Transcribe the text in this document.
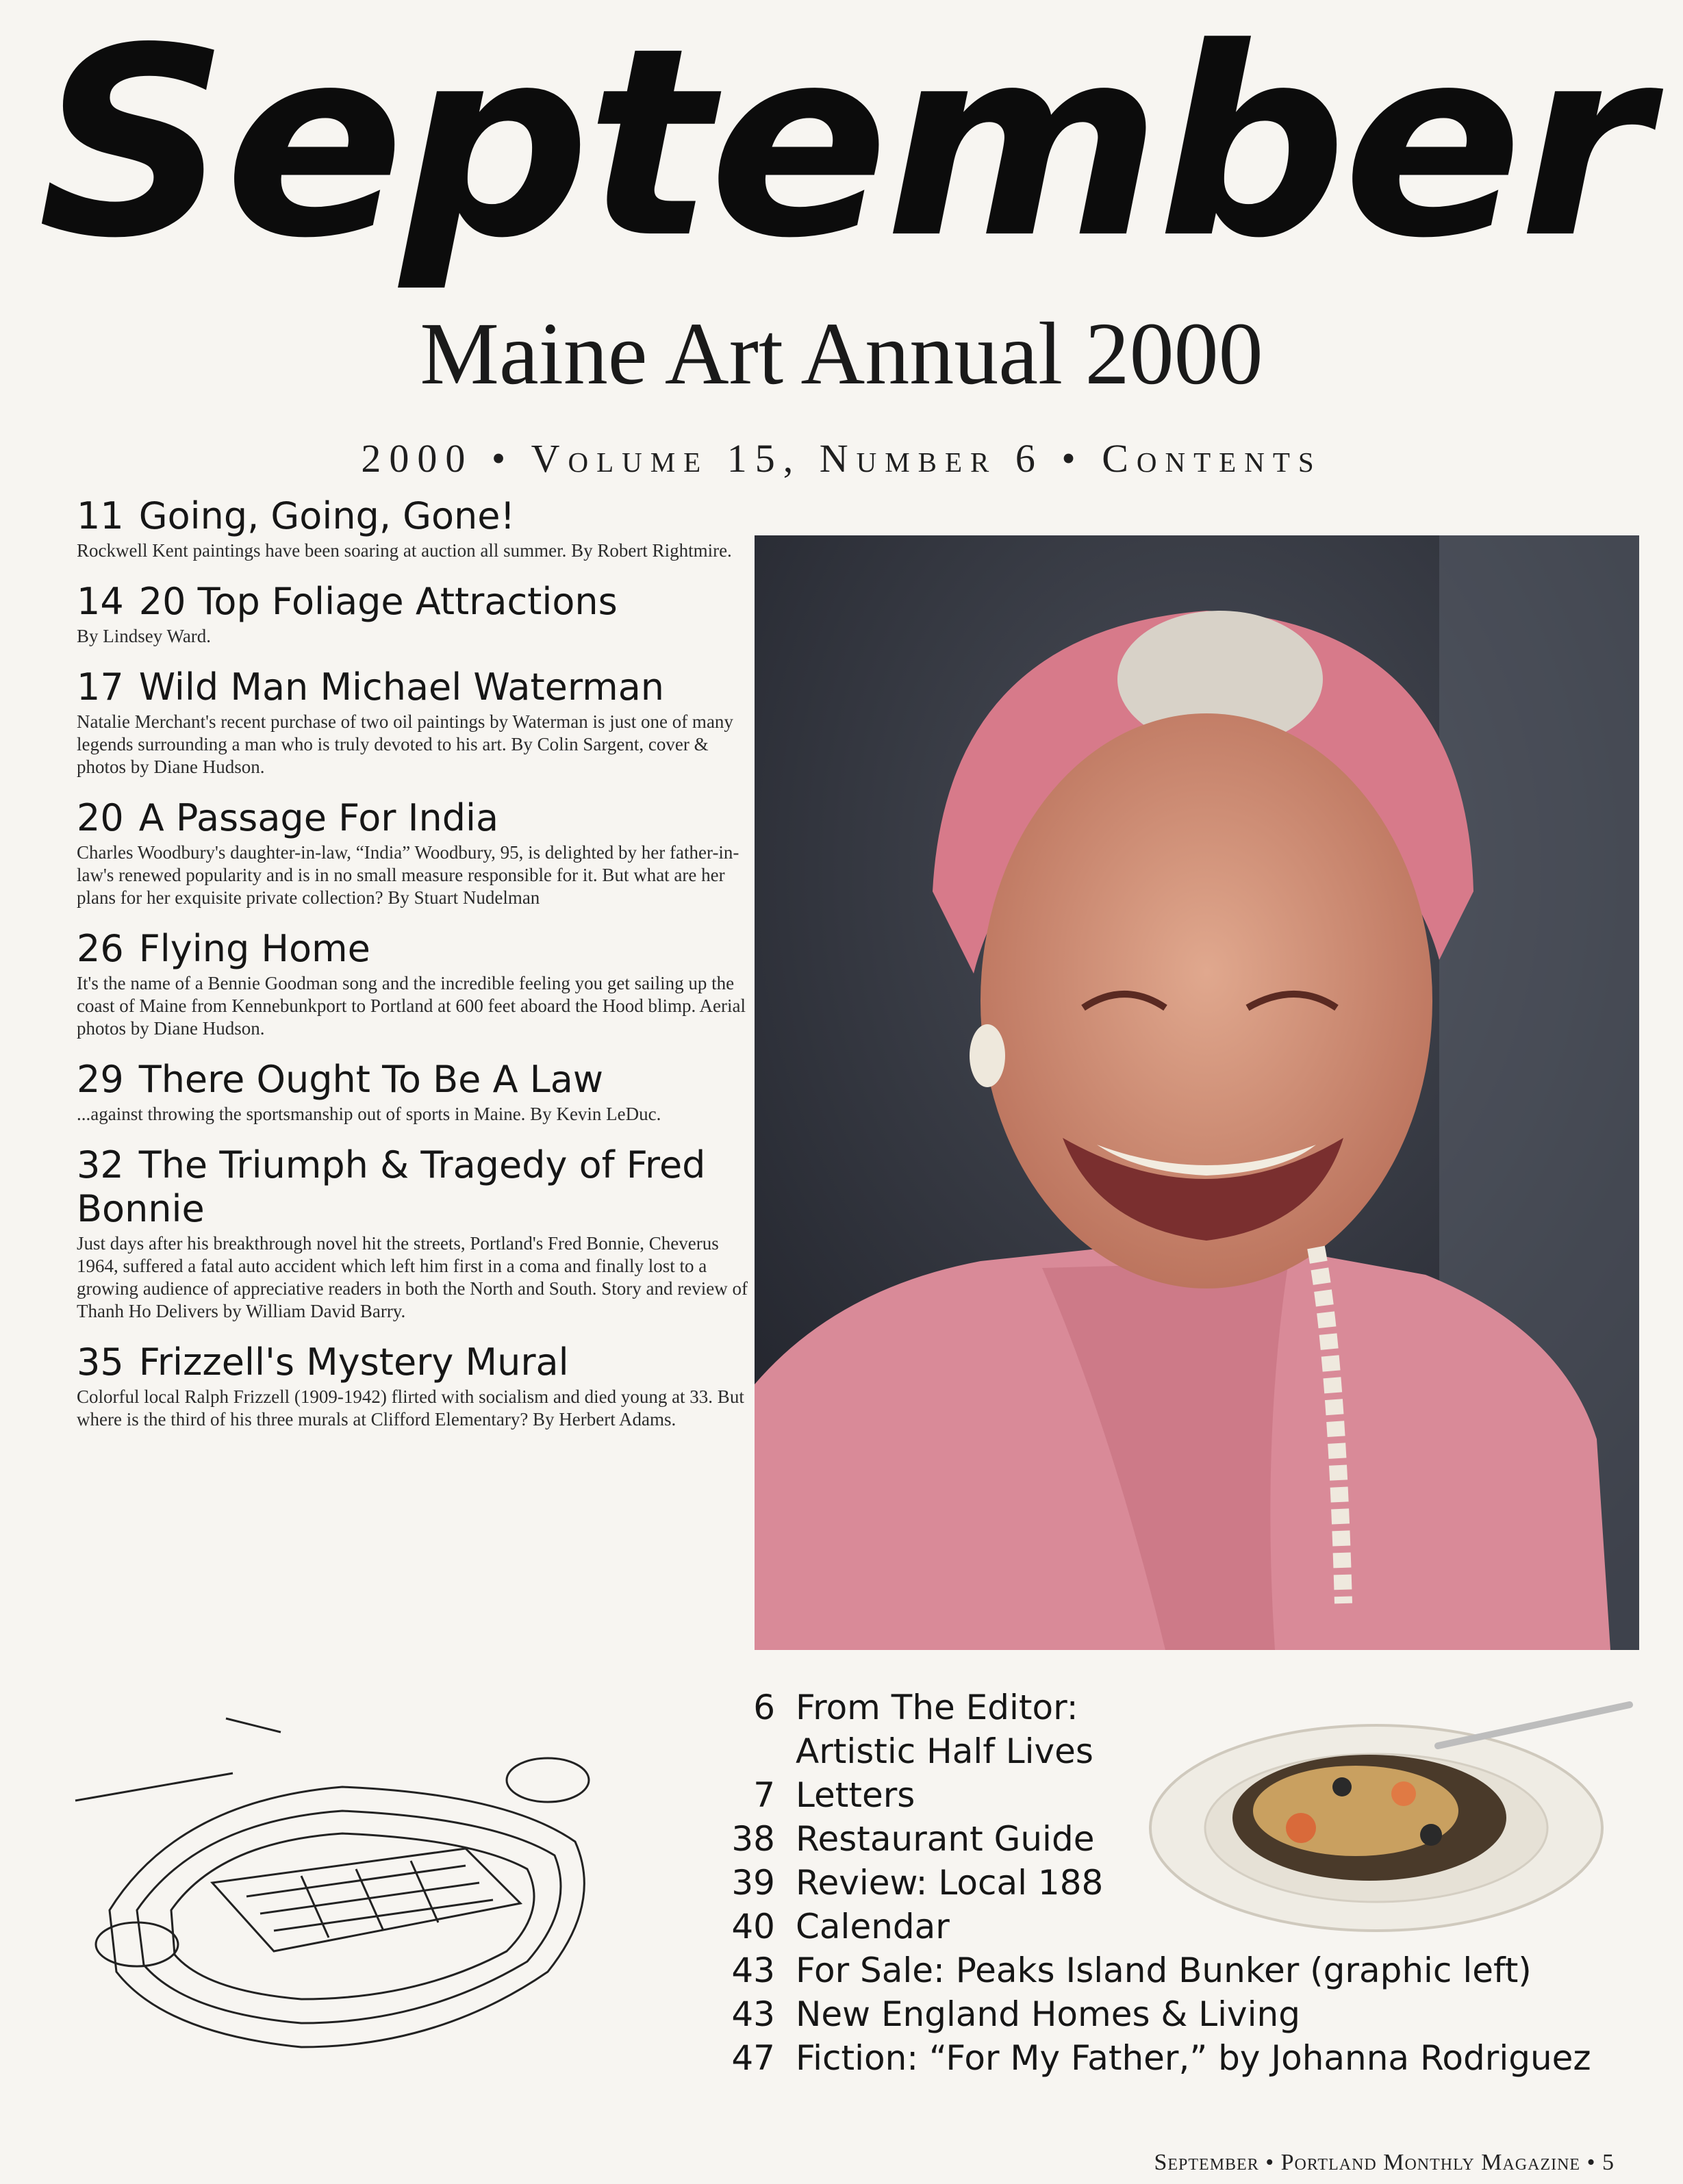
September
Maine Art Annual 2000
2000 • Volume 15, Number 6 • Contents
11 Going, Going, Gone!
Rockwell Kent paintings have been soaring at auction all summer. By Robert Rightmire.
14 20 Top Foliage Attractions
By Lindsey Ward.
17 Wild Man Michael Waterman
Natalie Merchant's recent purchase of two oil paintings by Waterman is just one of many legends surrounding a man who is truly devoted to his art. By Colin Sargent, cover & photos by Diane Hudson.
20 A Passage For India
Charles Woodbury's daughter-in-law, “India” Woodbury, 95, is delighted by her father-in-law's renewed popularity and is in no small measure responsible for it. But what are her plans for her exquisite private collection? By Stuart Nudelman
26 Flying Home
It's the name of a Bennie Goodman song and the incredible feeling you get sailing up the coast of Maine from Kennebunkport to Portland at 600 feet aboard the Hood blimp. Aerial photos by Diane Hudson.
29 There Ought To Be A Law
...against throwing the sportsmanship out of sports in Maine. By Kevin LeDuc.
32 The Triumph & Tragedy of Fred Bonnie
Just days after his breakthrough novel hit the streets, Portland's Fred Bonnie, Cheverus 1964, suffered a fatal auto accident which left him first in a coma and finally lost to a growing audience of appreciative readers in both the North and South. Story and review of Thanh Ho Delivers by William David Barry.
35 Frizzell's Mystery Mural
Colorful local Ralph Frizzell (1909-1942) flirted with socialism and died young at 33. But where is the third of his three murals at Clifford Elementary? By Herbert Adams.
6 From The Editor:
Artistic Half Lives
7 Letters
38 Restaurant Guide
39 Review: Local 188
40 Calendar
43 For Sale: Peaks Island Bunker (graphic left)
43 New England Homes & Living
47 Fiction: “For My Father,” by Johanna Rodriguez
September • Portland Monthly Magazine • 5
